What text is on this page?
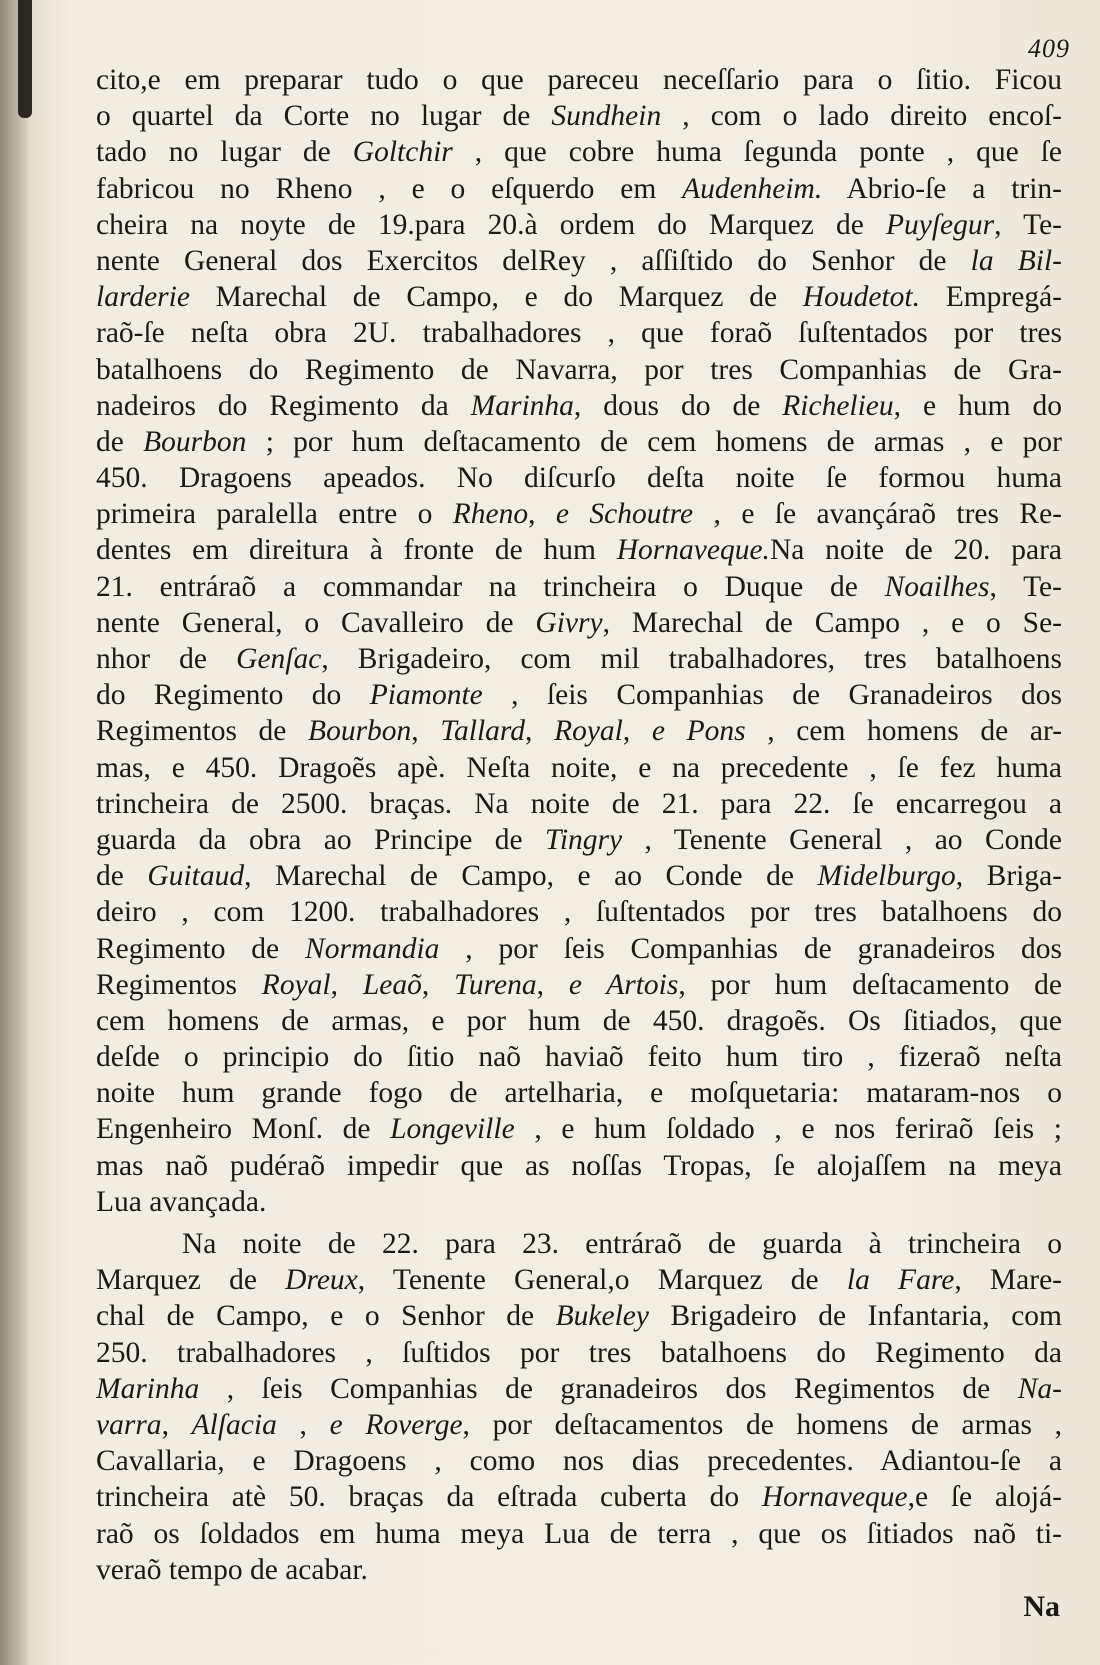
409
cito,e em preparar tudo o que pareceu neceſſario para o ſitio. Ficou
o quartel da Corte no lugar de Sundhein , com o lado direito encoſ-
tado no lugar de Goltchir , que cobre huma ſegunda ponte , que ſe
fabricou no Rheno , e o eſquerdo em Audenheim. Abrio-ſe a trin-
cheira na noyte de 19.para 20.à ordem do Marquez de Puyſegur, Te-
nente General dos Exercitos delRey , aſſiſtido do Senhor de la Bil-
larderie Marechal de Campo, e do Marquez de Houdetot. Empregá-
raõ-ſe neſta obra 2U. trabalhadores , que foraõ ſuſtentados por tres
batalhoens do Regimento de Navarra, por tres Companhias de Gra-
nadeiros do Regimento da Marinha, dous do de Richelieu, e hum do
de Bourbon ; por hum deſtacamento de cem homens de armas , e por
450. Dragoens apeados. No diſcurſo deſta noite ſe formou huma
primeira paralella entre o Rheno, e Schoutre , e ſe avançáraõ tres Re-
dentes em direitura à fronte de hum Hornaveque.Na noite de 20. para
21. entráraõ a commandar na trincheira o Duque de Noailhes, Te-
nente General, o Cavalleiro de Givry, Marechal de Campo , e o Se-
nhor de Genſac, Brigadeiro, com mil trabalhadores, tres batalhoens
do Regimento do Piamonte , ſeis Companhias de Granadeiros dos
Regimentos de Bourbon, Tallard, Royal, e Pons , cem homens de ar-
mas, e 450. Dragoẽs apè. Neſta noite, e na precedente , ſe fez huma
trincheira de 2500. braças. Na noite de 21. para 22. ſe encarregou a
guarda da obra ao Principe de Tingry , Tenente General , ao Conde
de Guitaud, Marechal de Campo, e ao Conde de Midelburgo, Briga-
deiro , com 1200. trabalhadores , ſuſtentados por tres batalhoens do
Regimento de Normandia , por ſeis Companhias de granadeiros dos
Regimentos Royal, Leaõ, Turena, e Artois, por hum deſtacamento de
cem homens de armas, e por hum de 450. dragoẽs. Os ſitiados, que
deſde o principio do ſitio naõ haviaõ feito hum tiro , fizeraõ neſta
noite hum grande fogo de artelharia, e moſquetaria: mataram-nos o
Engenheiro Monſ. de Longeville , e hum ſoldado , e nos feriraõ ſeis ;
mas naõ pudéraõ impedir que as noſſas Tropas, ſe alojaſſem na meya
Lua avançada.
Na noite de 22. para 23. entráraõ de guarda à trincheira o
Marquez de Dreux, Tenente General,o Marquez de la Fare, Mare-
chal de Campo, e o Senhor de Bukeley Brigadeiro de Infantaria, com
250. trabalhadores , ſuſtidos por tres batalhoens do Regimento da
Marinha , ſeis Companhias de granadeiros dos Regimentos de Na-
varra, Alſacia , e Roverge, por deſtacamentos de homens de armas ,
Cavallaria, e Dragoens , como nos dias precedentes. Adiantou-ſe a
trincheira atè 50. braças da eſtrada cuberta do Hornaveque,e ſe alojá-
raõ os ſoldados em huma meya Lua de terra , que os ſitiados naõ ti-
veraõ tempo de acabar.
Na
